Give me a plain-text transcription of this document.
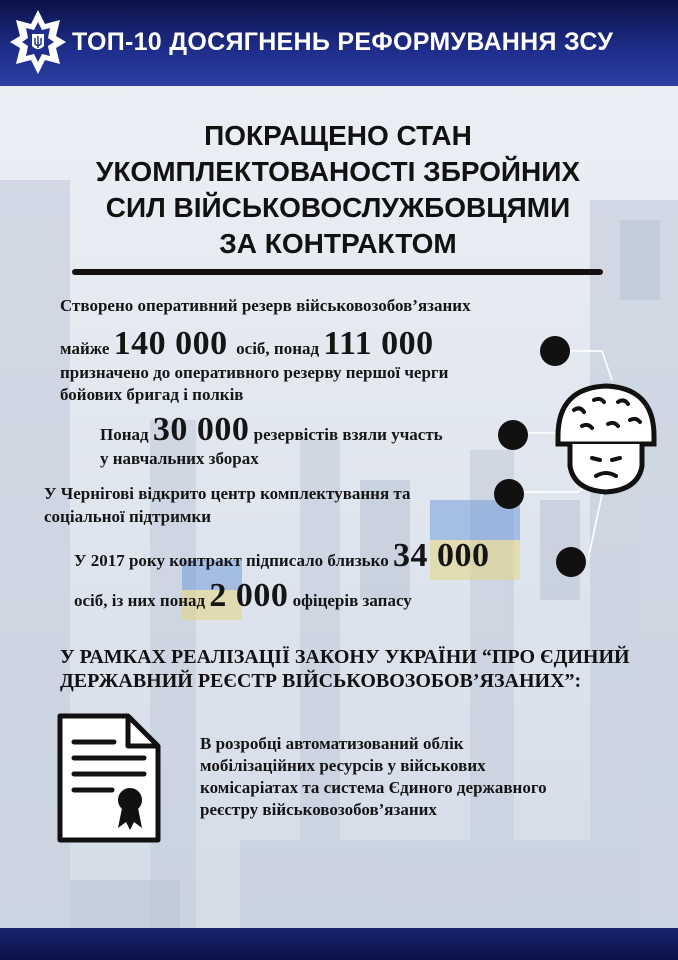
ТОП-10 ДОСЯГНЕНЬ РЕФОРМУВАННЯ ЗСУ
ПОКРАЩЕНО СТАН
УКОМПЛЕКТОВАНОСТІ ЗБРОЙНИХ
СИЛ ВІЙСЬКОВОСЛУЖБОВЦЯМИ
ЗА КОНТРАКТОМ
Створено оперативний резерв військовозобов’язаних
майже 140 000 осіб, понад 111 000
призначено до оперативного резерву першої черги
бойових бригад і полків
Понад 30 000 резервістів взяли участь
у навчальних зборах
У Чернігові відкрито центр комплектування та
соціальної підтримки
У 2017 року контракт підписало близько 34 000
осіб, із них понад 2 000 офіцерів запасу
У РАМКАХ РЕАЛІЗАЦІЇ ЗАКОНУ УКРАЇНИ “ПРО ЄДИНИЙ
ДЕРЖАВНИЙ РЕЄСТР ВІЙСЬКОВОЗОБОВ’ЯЗАНИХ”:
В розробці автоматизований облік
мобілізаційних ресурсів у військових
комісаріатах та система Єдиного державного
реєстру військовозобов’язаних
